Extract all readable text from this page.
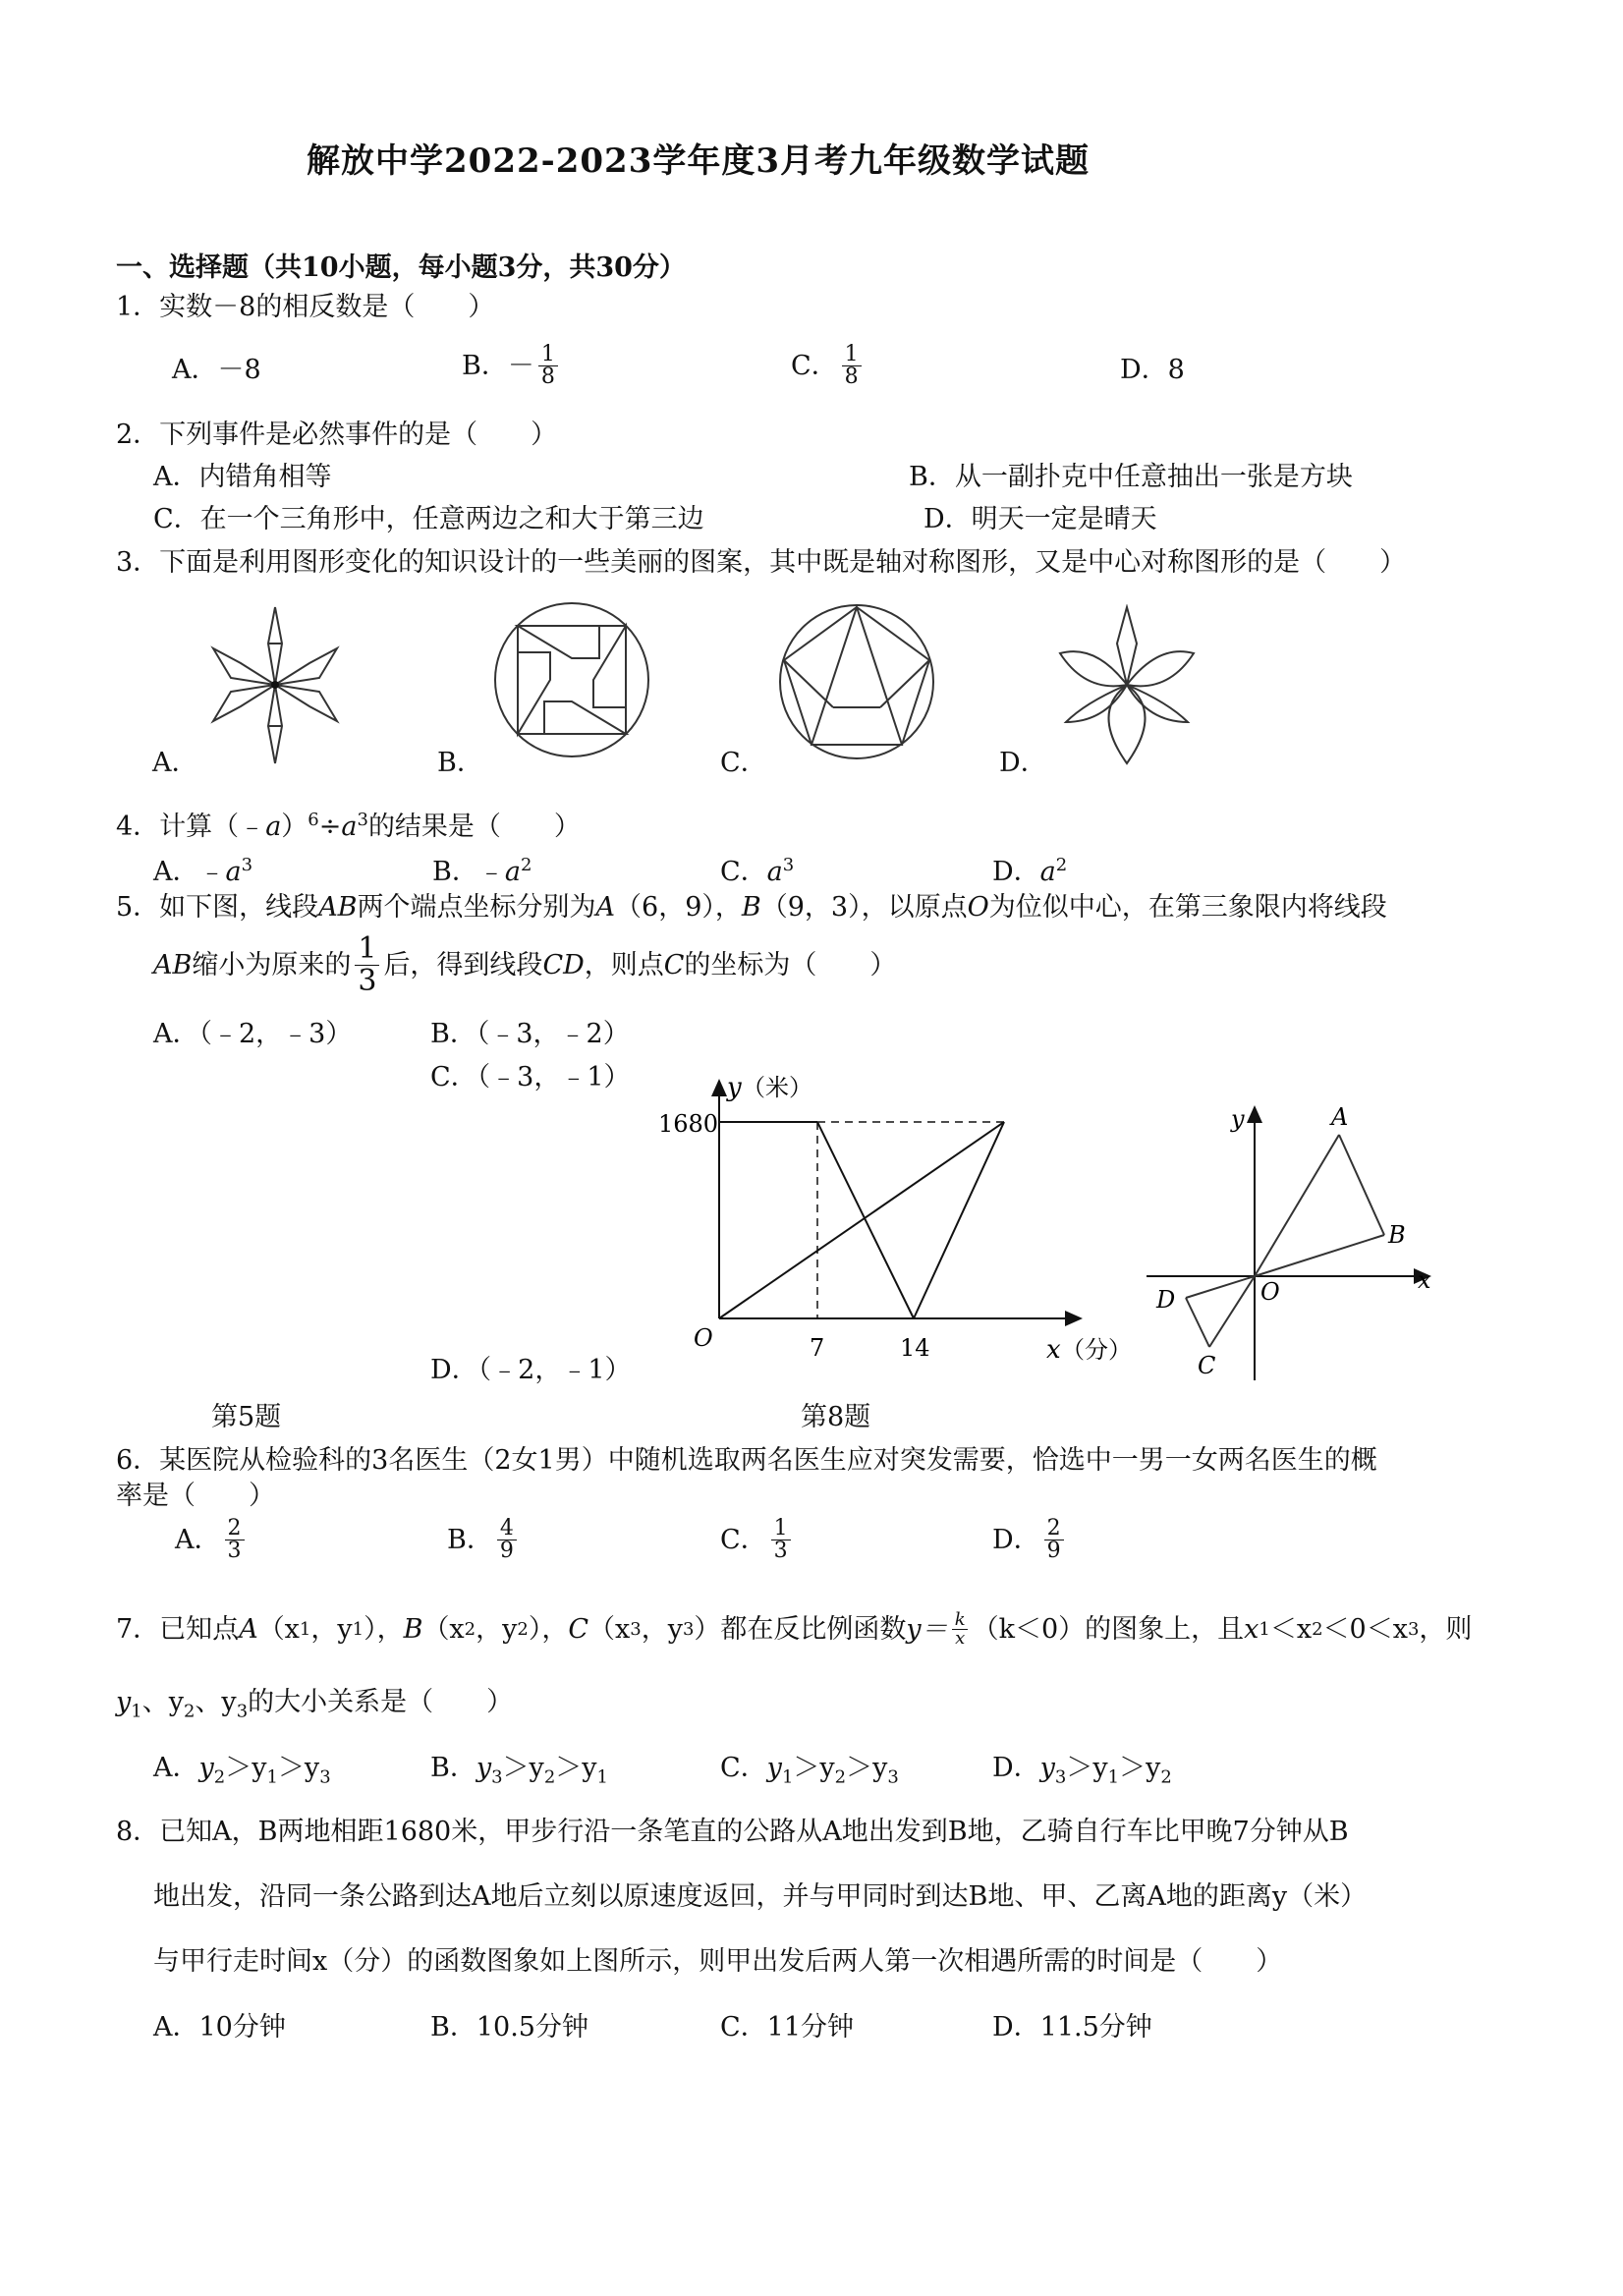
解放中学2022-2023学年度3月考九年级数学试题
一、选择题（共10小题，每小题3分，共30分）
1．实数－8的相反数是（　　）
A．－8	B． － $\frac{1}{8}$	C． $\frac{1}{8}$	D．8
2．下列事件是必然事件的是（　　）
A．内错角相等	B．从一副扑克中任意抽出一张是方块
C．在一个三角形中，任意两边之和大于第三边	D．明天一定是晴天
3．下面是利用图形变化的知识设计的一些美丽的图案，其中既是轴对称图形，又是中心对称图形的是（　　）
A．	B．	C．	D．
4．计算$(﹣a)^6\div a^3$的结果是（　　）
A．$﹣a^3$	B．$﹣a^2$	C．$a^3$	D．$a^2$
5．如下图，线段AB两个端点坐标分别为A（6，9），B（9，3），以原点O为位似中心，在第三象限内将线段
AB 缩小为原来的 $\frac{1}{3}$ 后，得到线段 CD ，则点 C 的坐标为（　　）
A．（﹣2，﹣3）	B．（﹣3，﹣2）
C．（﹣3，﹣1）
D．（﹣2，﹣1）
y （米）
1680
O	7	14	x （分）
y
x
O
A
B
C
D
第5题	第8题
6．某医院从检验科的3名医生（2女1男）中随机选取两名医生应对突发需要，恰选中一男一女两名医生的概
率是（　　）
A． $\frac{2}{3}$	B． $\frac{4}{9}$	C． $\frac{1}{3}$	D． $\frac{2}{9}$
7．已知点 A （x 1 ，y 1 ）， B （x 2 ，y 2 ）， C （x 3 ，y 3 ）都在反比例函数 $y= \frac{k}{x} (k<0)$的图象上，且 x 1 ＜x 2 ＜0＜x 3 ，则
$y_1$、$y_2$、$y_3$的大小关系是（　　）
A．$y_2>y_1>y_3$	B．$y_3>y_2>y_1$	C．$y_1>y_2>y_3$	D．$y_3>y_1>y_2$
8．已知A，B两地相距1680米，甲步行沿一条笔直的公路从A地出发到B地，乙骑自行车比甲晚7分钟从B
地出发，沿同一条公路到达A地后立刻以原速度返回，并与甲同时到达B地、甲、乙离A地的距离y（米）
与甲行走时间x（分）的函数图象如上图所示，则甲出发后两人第一次相遇所需的时间是（　　）
A．10分钟	B．10.5分钟	C．11分钟	D．11.5分钟
